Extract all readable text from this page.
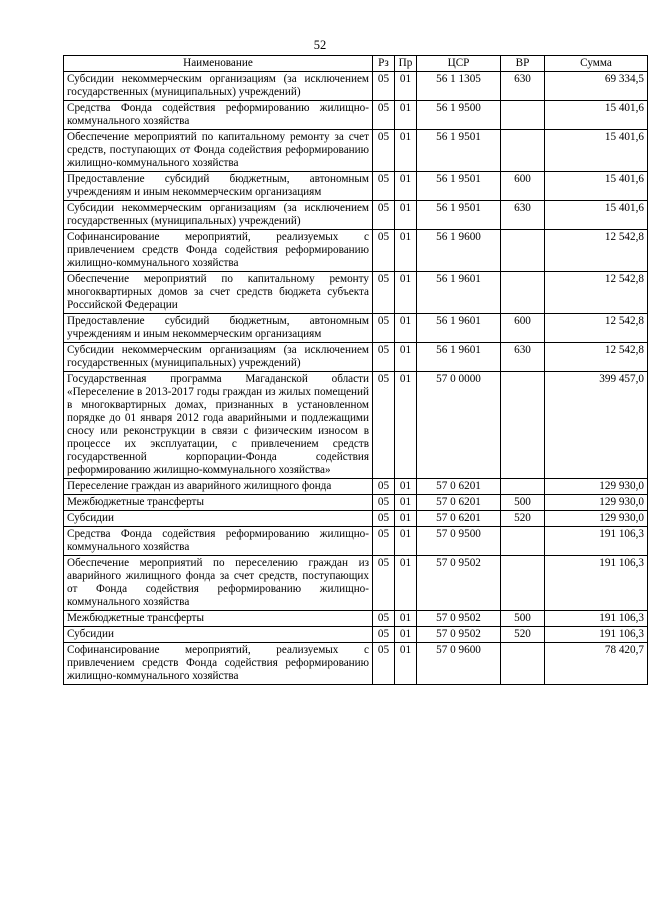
52
Наименование	Рз	Пр	ЦСР	ВР	Сумма
Субсидии некоммерческим организациям (за исключением государственных (муниципальных) учреждений)	05	01	56 1 1305	630	69 334,5
Средства Фонда содействия реформированию жилищно-коммунального хозяйства	05	01	56 1 9500		15 401,6
Обеспечение мероприятий по капитальному ремонту за счет средств, поступающих от Фонда содействия реформированию жилищно-коммунального хозяйства	05	01	56 1 9501		15 401,6
Предоставление субсидий бюджетным, автономным учреждениям и иным некоммерческим организациям	05	01	56 1 9501	600	15 401,6
Субсидии некоммерческим организациям (за исключением государственных (муниципальных) учреждений)	05	01	56 1 9501	630	15 401,6
Софинансирование мероприятий, реализуемых с привлечением средств Фонда содействия реформированию жилищно-коммунального хозяйства	05	01	56 1 9600		12 542,8
Обеспечение мероприятий по капитальному ремонту многоквартирных домов за счет средств бюджета субъекта Российской Федерации	05	01	56 1 9601		12 542,8
Предоставление субсидий бюджетным, автономным учреждениям и иным некоммерческим организациям	05	01	56 1 9601	600	12 542,8
Субсидии некоммерческим организациям (за исключением государственных (муниципальных) учреждений)	05	01	56 1 9601	630	12 542,8
Государственная программа Магаданской области «Переселение в 2013-2017 годы граждан из жилых помещений в многоквартирных домах, признанных в установленном порядке до 01 января 2012 года аварийными и подлежащими сносу или реконструкции в связи с физическим износом в процессе их эксплуатации, с привлечением средств государственной корпорации-Фонда содействия реформированию жилищно-коммунального хозяйства»	05	01	57 0 0000		399 457,0
Переселение граждан из аварийного жилищного фонда	05	01	57 0 6201		129 930,0
Межбюджетные трансферты	05	01	57 0 6201	500	129 930,0
Субсидии	05	01	57 0 6201	520	129 930,0
Средства Фонда содействия реформированию жилищно-коммунального хозяйства	05	01	57 0 9500		191 106,3
Обеспечение мероприятий по переселению граждан из аварийного жилищного фонда за счет средств, поступающих от Фонда содействия реформированию жилищно-коммунального хозяйства	05	01	57 0 9502		191 106,3
Межбюджетные трансферты	05	01	57 0 9502	500	191 106,3
Субсидии	05	01	57 0 9502	520	191 106,3
Софинансирование мероприятий, реализуемых с привлечением средств Фонда содействия реформированию жилищно-коммунального хозяйства	05	01	57 0 9600		78 420,7
